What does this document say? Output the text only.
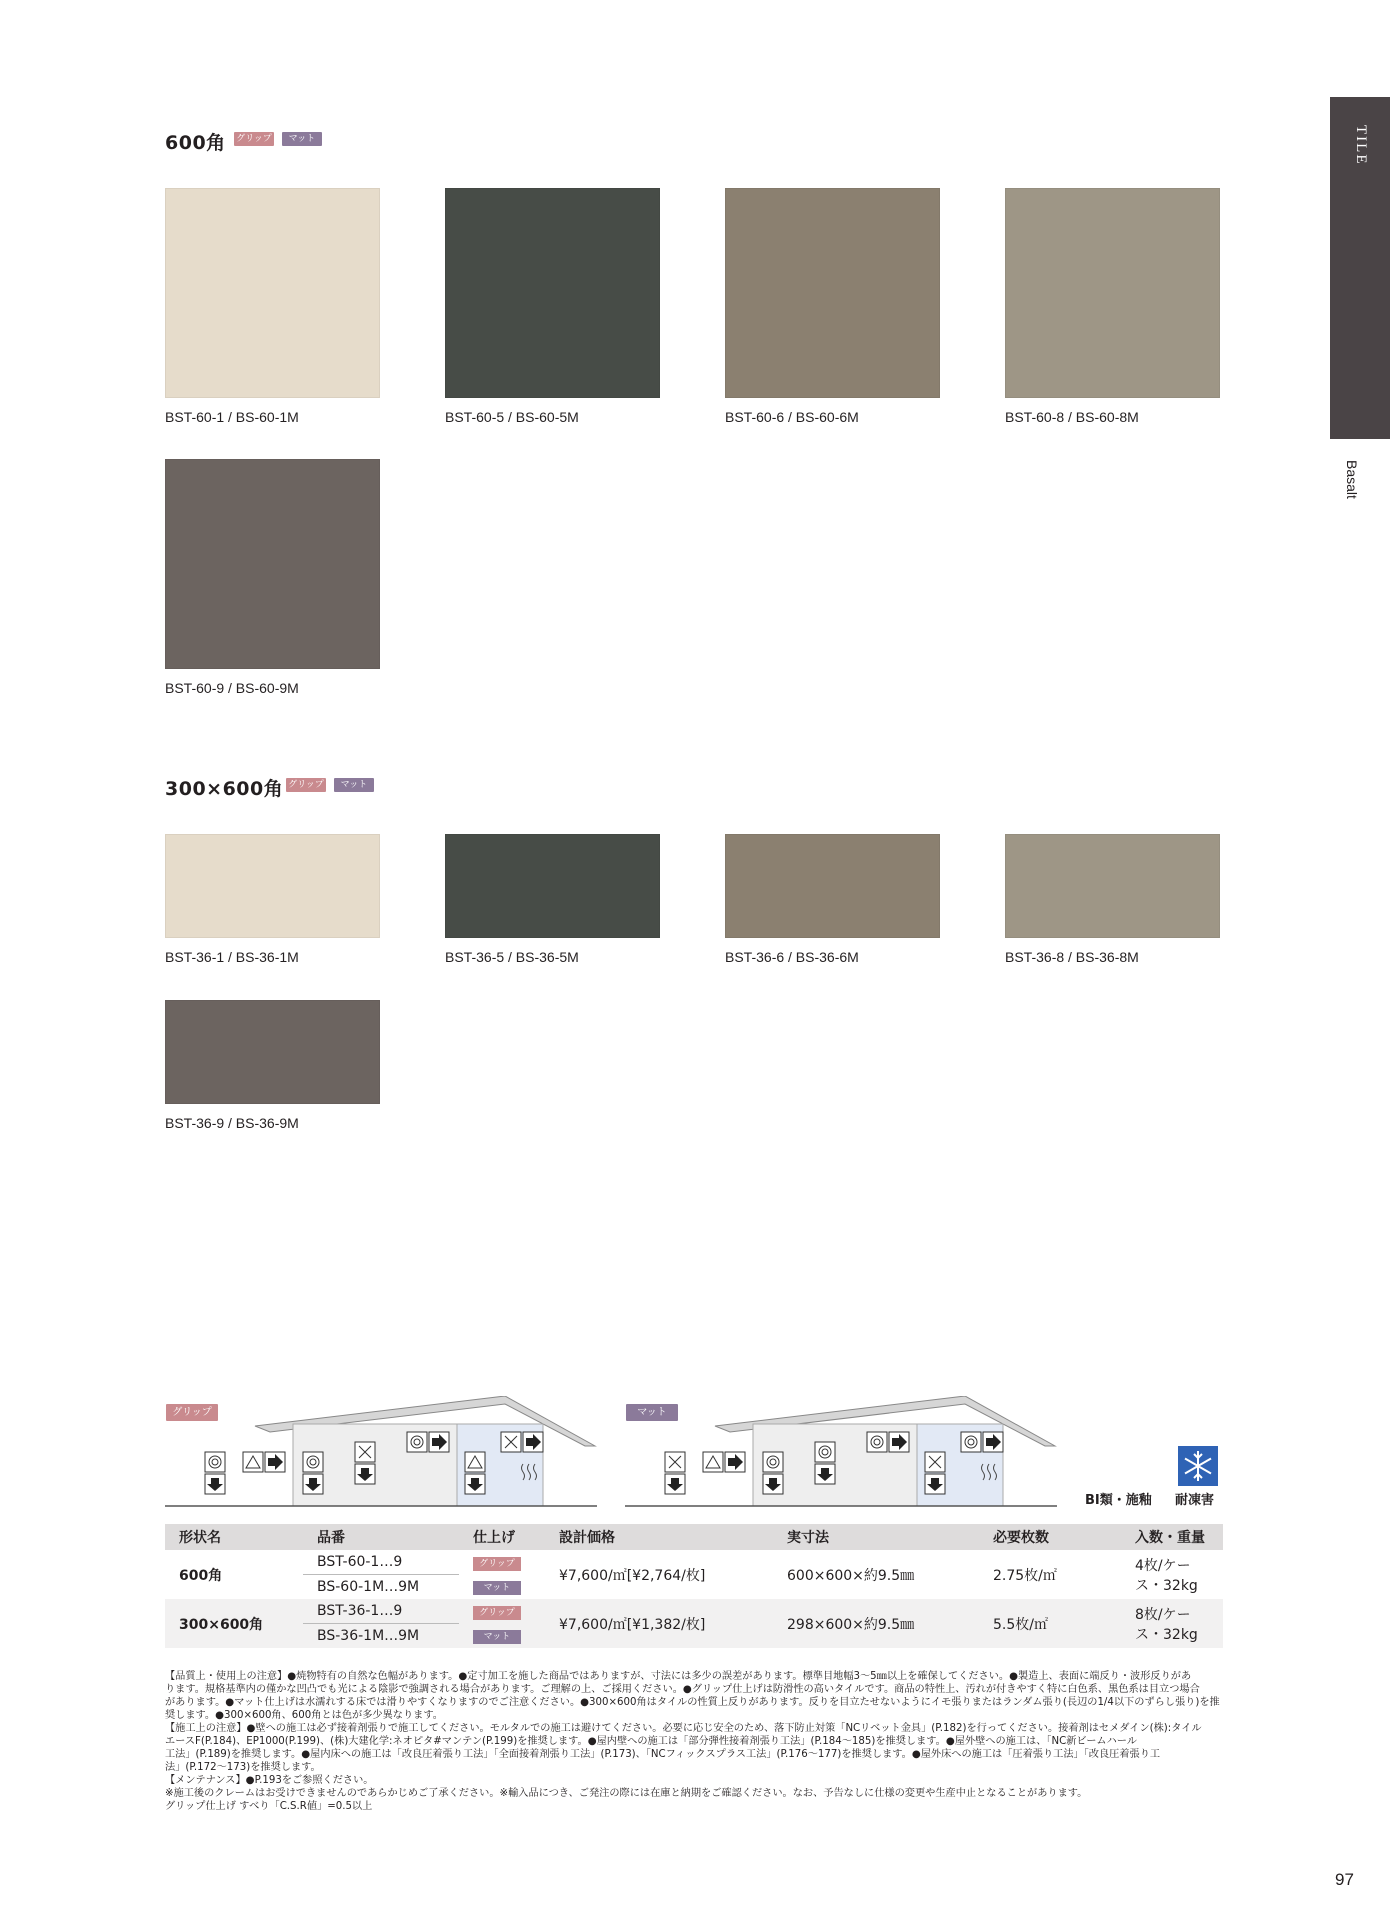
TILE
Basalt
600角 グリップ	マット
BST-60-1 / BS-60-1M	BST-60-5 / BS-60-5M	BST-60-6 / BS-60-6M	BST-60-8 / BS-60-8M
BST-60-9 / BS-60-9M
300×600角 グリップ	マット
BST-36-1 / BS-36-1M	BST-36-5 / BS-36-5M	BST-36-6 / BS-36-6M	BST-36-8 / BS-36-8M
BST-36-9 / BS-36-9M
グリップ	マット
BI類・施釉 耐凍害
形状名	品番	仕上げ	設計価格	実寸法	必要枚数	入数・重量
600角	BST-60-1…9	グリップ	¥7,600/㎡[¥2,764/枚]	600×600×約9.5㎜	2.75枚/㎡	4枚/ケース・32kg
	BS-60-1M…9M	マット				
300×600角	BST-36-1…9	グリップ	¥7,600/㎡[¥1,382/枚]	298×600×約9.5㎜	5.5枚/㎡	8枚/ケース・32kg
	BS-36-1M…9M	マット				

【品質上・使用上の注意】●焼物特有の自然な色幅があります。●定寸加工を施した商品ではありますが、寸法には多少の誤差があります。標準目地幅3〜5㎜以上を確保してください。●製造上、表面に端反り・波形反りがあ

ります。規格基準内の僅かな凹凸でも光による陰影で強調される場合があります。ご理解の上、ご採用ください。●グリップ仕上げは防滑性の高いタイルです。商品の特性上、汚れが付きやすく特に白色系、黒色系は目立つ場合

があります。●マット仕上げは水濡れする床では滑りやすくなりますのでご注意ください。●300×600角はタイルの性質上反りがあります。反りを目立たせないようにイモ張りまたはランダム張り(長辺の1/4以下のずらし張り)を推

奨します。●300×600角、600角とは色が多少異なります。

【施工上の注意】●壁への施工は必ず接着剤張りで施工してください。モルタルでの施工は避けてください。必要に応じ安全のため、落下防止対策「NCリベット金具」(P.182)を行ってください。接着剤はセメダイン(株):タイル

エースF(P.184)、EP1000(P.199)、(株)大建化学:ネオピタ#マンテン(P.199)を推奨します。●屋内壁への施工は「部分弾性接着剤張り工法」(P.184〜185)を推奨します。●屋外壁への施工は、「NC新ビームハール

工法」(P.189)を推奨します。●屋内床への施工は「改良圧着張り工法」「全面接着剤張り工法」(P.173)、「NCフィックスプラス工法」(P.176〜177)を推奨します。●屋外床への施工は「圧着張り工法」「改良圧着張り工

法」(P.172〜173)を推奨します。

【メンテナンス】●P.193をご参照ください。

※施工後のクレームはお受けできませんのであらかじめご了承ください。※輸入品につき、ご発注の際には在庫と納期をご確認ください。なお、予告なしに仕様の変更や生産中止となることがあります。

グリップ仕上げ すべり「C.S.R値」=0.5以上

97
